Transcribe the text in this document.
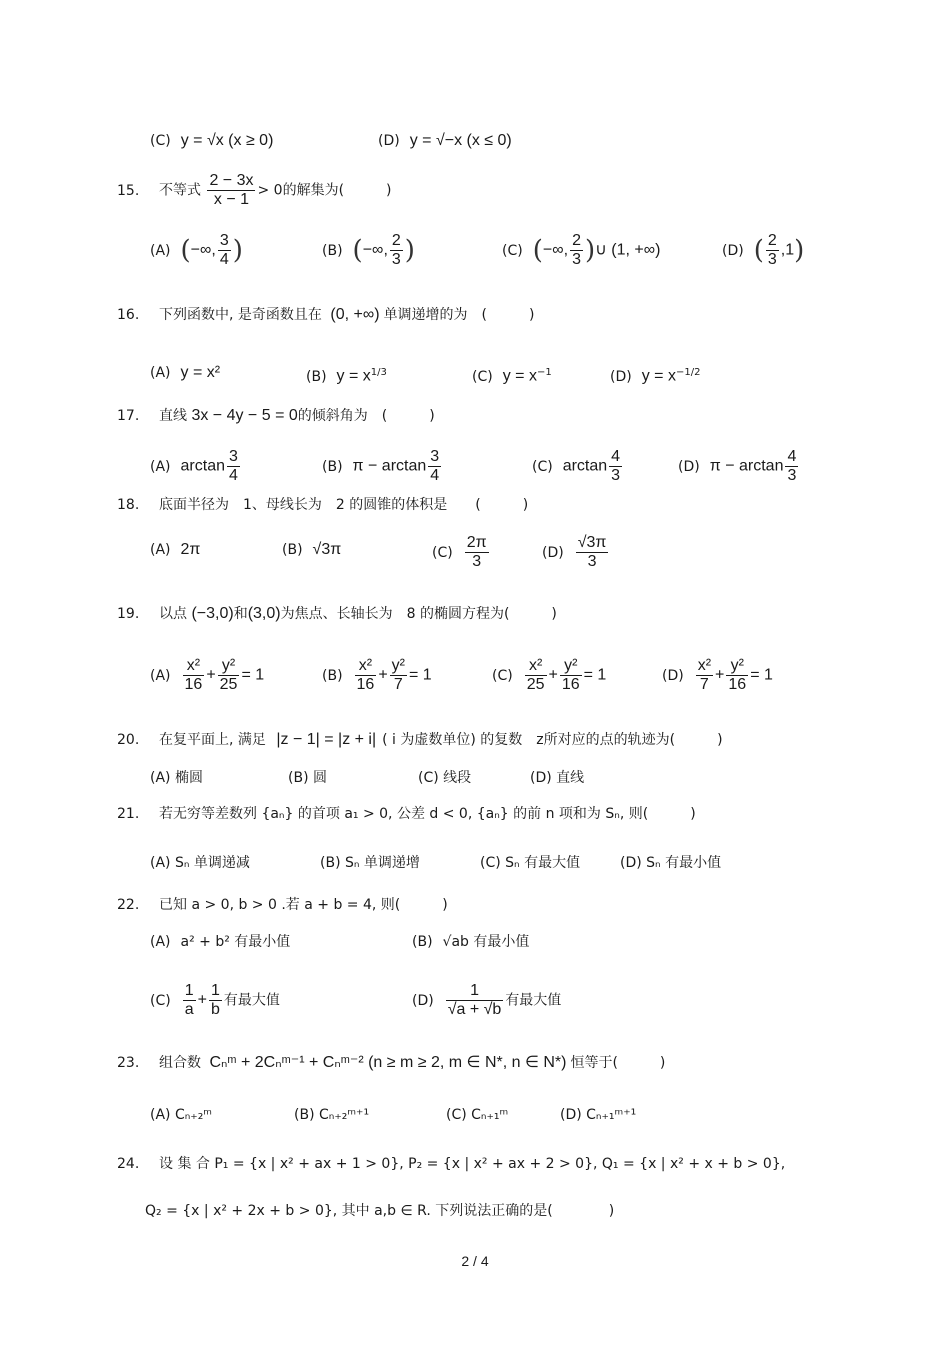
(C) y = √x (x ≥ 0)	(D) y = √−x (x ≤ 0)
15. 不等式 $\frac{2 - 3x}{x - 1} > 0$的解集为(　　　)
(A) (−∞, $\frac{3}{4}$ )	(B) (−∞, $\frac{2}{3}$ )	(C) (−∞, $\frac{2}{3}$ )∪ (1, +∞)	(D) ( $\frac{2}{3} ,1$)
16. 下列函数中, 是奇函数且在 (0, +∞) 单调递增的为　(　　　)
(A) y = x²	(B) $y = x^{1/3}$	(C) $y = x^{-1}$	(D) $y = x^{-1/2}$
17. 直线 3x − 4y − 5 = 0的倾斜角为　(　　　)
(A) $\arctan \frac{3}{4}$	(B) $\pi - \arctan \frac{3}{4}$	(C) $\arctan \frac{4}{3}$	(D) $\pi - \arctan \frac{4}{3}$
18. 底面半径为　1、母线长为　2 的圆锥的体积是　　(　　　)
(A) 2π	(B) √3π	$(C) \frac{2\pi}{3}$	$(D) \frac{√3\pi}{3}$
19. 以点 (−3,0)和(3,0)为焦点、长轴长为　8 的椭圆方程为(　　　)
$(A) \frac{\text{x²}}{16} + \frac{\text{y²}}{25} = 1$	$(B) \frac{\text{x²}}{16} + \frac{\text{y²}}{7} = 1$	$(C) \frac{\text{x²}}{25} + \frac{\text{y²}}{16} = 1$	$(D) \frac{\text{x²}}{7} + \frac{\text{y²}}{16} = 1$
20. 在复平面上, 满足 |z − 1| = |z + i| ( i 为虚数单位) 的复数　z所对应的点的轨迹为(　　　)
(A) 椭圆	(B) 圆	(C) 线段	(D) 直线
21. 若无穷等差数列 {aₙ} 的首项 a₁ > 0, 公差 d < 0, {aₙ} 的前 n 项和为 Sₙ, 则(　　　)
(A) Sₙ 单调递减	(B) Sₙ 单调递增	(C) Sₙ 有最大值	(D) Sₙ 有最小值
22. 已知 a > 0, b > 0 .若 a + b = 4, 则(　　　)
(A) a² + b² 有最小值	(B) √ab 有最小值
$(C) \frac{1}{a} + \frac{1}{b}$ 有最大值	$(D) \frac{1}{√a + √b}$ 有最大值
23. 组合数 Cₙᵐ + 2Cₙᵐ⁻¹ + Cₙᵐ⁻² (n ≥ m ≥ 2, m ∈ N*, n ∈ N*) 恒等于(　　　)
(A) Cₙ₊₂ᵐ	(B) Cₙ₊₂ᵐ⁺¹	(C) Cₙ₊₁ᵐ	(D) Cₙ₊₁ᵐ⁺¹
24. 设 集 合 P₁ = {x | x² + ax + 1 > 0}, P₂ = {x | x² + ax + 2 > 0}, Q₁ = {x | x² + x + b > 0},
Q₂ = {x | x² + 2x + b > 0}, 其中 a,b ∈ R. 下列说法正确的是(　　　　)
2 / 4
